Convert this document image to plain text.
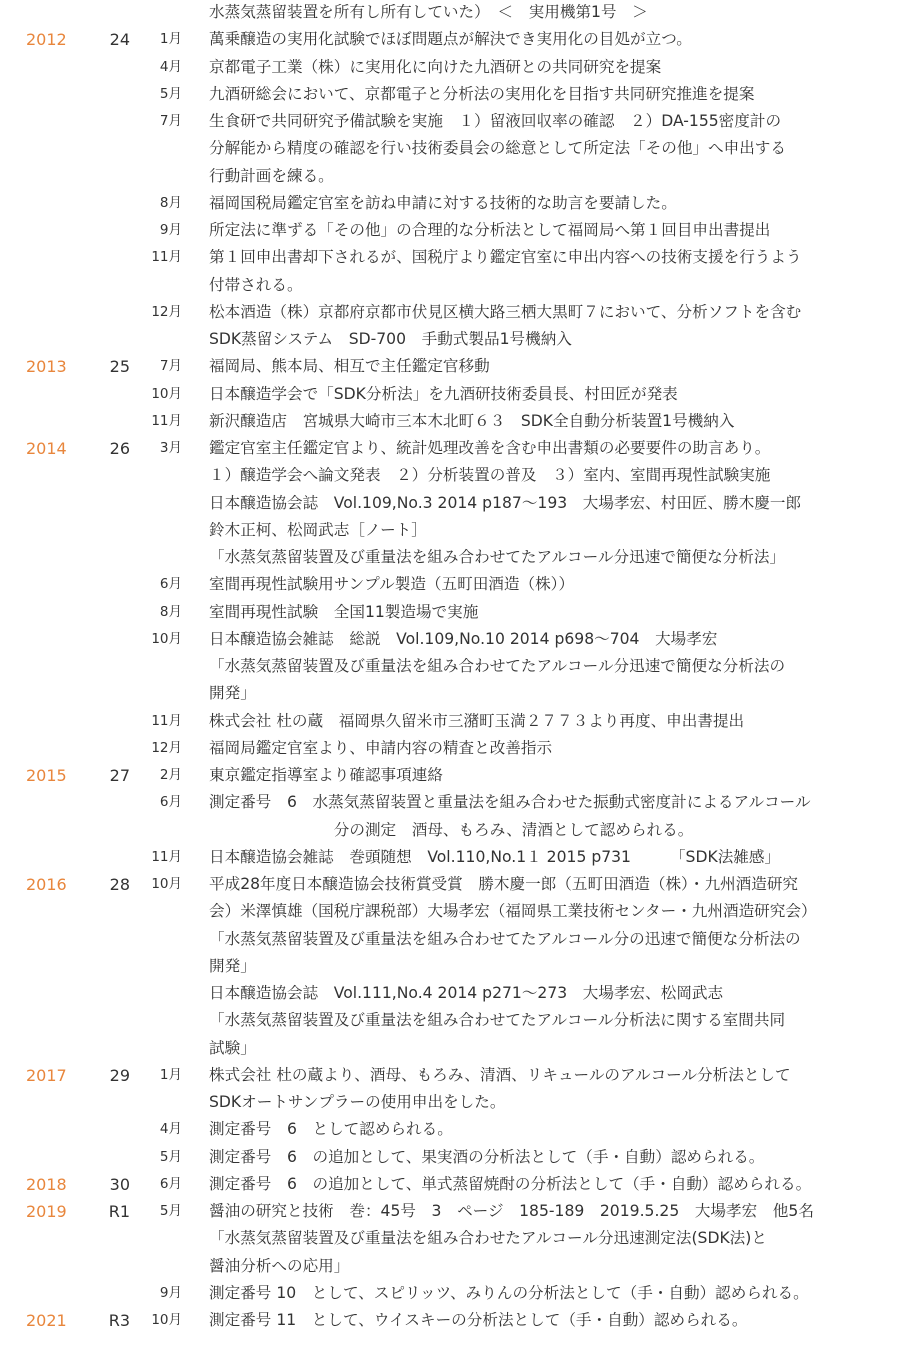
水蒸気蒸留装置を所有し所有していた）　＜　実用機第1号　＞
2012	24	1月 萬乗醸造の実用化試験でほぼ問題点が解決でき実用化の目処が立つ。
4月 京都電子工業（株）に実用化に向けた九酒研との共同研究を提案
5月 九酒研総会において、京都電子と分析法の実用化を目指す共同研究推進を提案
7月 生食研で共同研究予備試験を実施　１）留液回収率の確認　２）DA-155密度計の
分解能から精度の確認を行い技術委員会の総意として所定法「その他」へ申出する
行動計画を練る。
8月 福岡国税局鑑定官室を訪ね申請に対する技術的な助言を要請した。
9月 所定法に準ずる「その他」の合理的な分析法として福岡局へ第１回目申出書提出
11月 第１回申出書却下されるが、国税庁より鑑定官室に申出内容への技術支援を行うよう
付帯される。
12月 松本酒造（株）京都府京都市伏見区横大路三栖大黒町７において、分析ソフトを含む
SDK蒸留システム　SD-700　手動式製品1号機納入
2013	25	7月 福岡局、熊本局、相互で主任鑑定官移動
10月 日本醸造学会で「SDK分析法」を九酒研技術委員長、村田匠が発表
11月 新沢醸造店　宮城県大崎市三本木北町６３　SDK全自動分析装置1号機納入
2014	26	3月 鑑定官室主任鑑定官より、統計処理改善を含む申出書類の必要要件の助言あり。
１）醸造学会へ論文発表　２）分析装置の普及　３）室内、室間再現性試験実施
日本醸造協会誌　Vol.109,No.3 2014 p187～193　大場孝宏、村田匠、勝木慶一郎
鈴木正柯、松岡武志［ノート］
「水蒸気蒸留装置及び重量法を組み合わせてたアルコール分迅速で簡便な分析法」
6月 室間再現性試験用サンプル製造（五町田酒造（株））
8月 室間再現性試験　全国11製造場で実施
10月 日本醸造協会雑誌　総説　Vol.109,No.10 2014 p698～704　大場孝宏
「水蒸気蒸留装置及び重量法を組み合わせてたアルコール分迅速で簡便な分析法の
開発」
11月 株式会社 杜の蔵　福岡県久留米市三潴町玉満２７７３より再度、申出書提出
12月 福岡局鑑定官室より、申請内容の精査と改善指示
2015	27	2月 東京鑑定指導室より確認事項連絡
6月 測定番号　6　水蒸気蒸留装置と重量法を組み合わせた振動式密度計によるアルコール
　　　　　　　　分の測定　酒母、もろみ、清酒として認められる。
11月 日本醸造協会雑誌　巻頭随想　Vol.110,No.1１ 2015 p731　　　「SDK法雑感」
2016	28	10月 平成28年度日本醸造協会技術賞受賞　勝木慶一郎（五町田酒造（株）・九州酒造研究
会）米澤慎雄（国税庁課税部）大場孝宏（福岡県工業技術センター・九州酒造研究会）
「水蒸気蒸留装置及び重量法を組み合わせてたアルコール分の迅速で簡便な分析法の
開発」
日本醸造協会誌　Vol.111,No.4 2014 p271～273　大場孝宏、松岡武志
「水蒸気蒸留装置及び重量法を組み合わせてたアルコール分析法に関する室間共同
試験」
2017	29	1月 株式会社 杜の蔵より、酒母、もろみ、清酒、リキュールのアルコール分析法として
SDKオートサンプラーの使用申出をした。
4月 測定番号　6　として認められる。
5月 測定番号　6　の追加として、果実酒の分析法として（手・自動）認められる。
2018	30	6月 測定番号　6　の追加として、単式蒸留焼酎の分析法として（手・自動）認められる。
2019	R1	5月 醤油の研究と技術　巻：45号　3　ページ　185-189　2019.5.25　大場孝宏　他5名
「水蒸気蒸留装置及び重量法を組み合わせたアルコール分迅速測定法(SDK法)と
醤油分析への応用」
9月 測定番号 10　として、スピリッツ、みりんの分析法として（手・自動）認められる。
2021	R3	10月 測定番号 11　として、ウイスキーの分析法として（手・自動）認められる。
